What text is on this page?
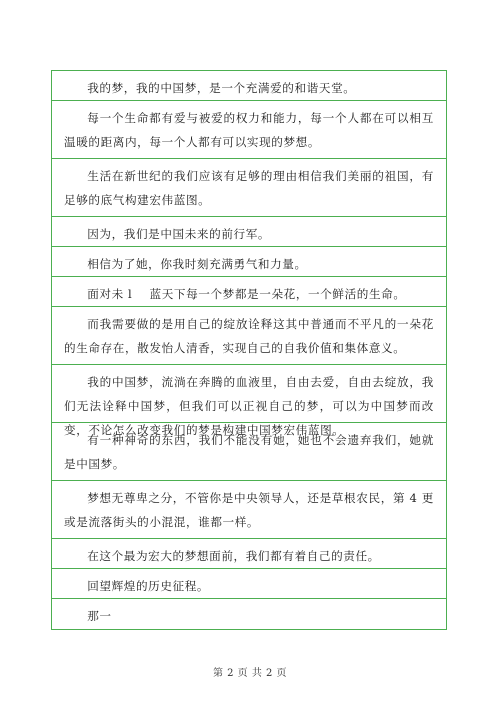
我的梦，我的中国梦，是一个充满爱的和谐天堂。
每一个生命都有爱与被爱的权力和能力，每一个人都在可以相互温暖的距离内，每一个人都有可以实现的梦想。
生活在新世纪的我们应该有足够的理由相信我们美丽的祖国，有足够的底气构建宏伟蓝图。
因为，我们是中国未来的前行军。
相信为了她，你我时刻充满勇气和力量。
面对未 l    蓝天下每一个梦都是一朵花，一个鲜活的生命。
而我需要做的是用自己的绽放诠释这其中普通而不平凡的一朵花的生命存在，散发怡人清香，实现自己的自我价值和集体意义。
我的中国梦，流淌在奔腾的血液里，自由去爱，自由去绽放，我们无法诠释中国梦，但我们可以正视自己的梦，可以为中国梦而改变，不论怎么改变我们的梦是构建中国梦宏伟蓝图。
有一种神奇的东西，我们不能没有她，她也不会遗弃我们，她就是中国梦。
梦想无尊卑之分，不管你是中央领导人，还是草根农民，第 4 更或是流落街头的小混混，谁都一样。
在这个最为宏大的梦想面前，我们都有着自己的责任。
回望辉煌的历史征程。
那一
第 2 页 共 2 页
